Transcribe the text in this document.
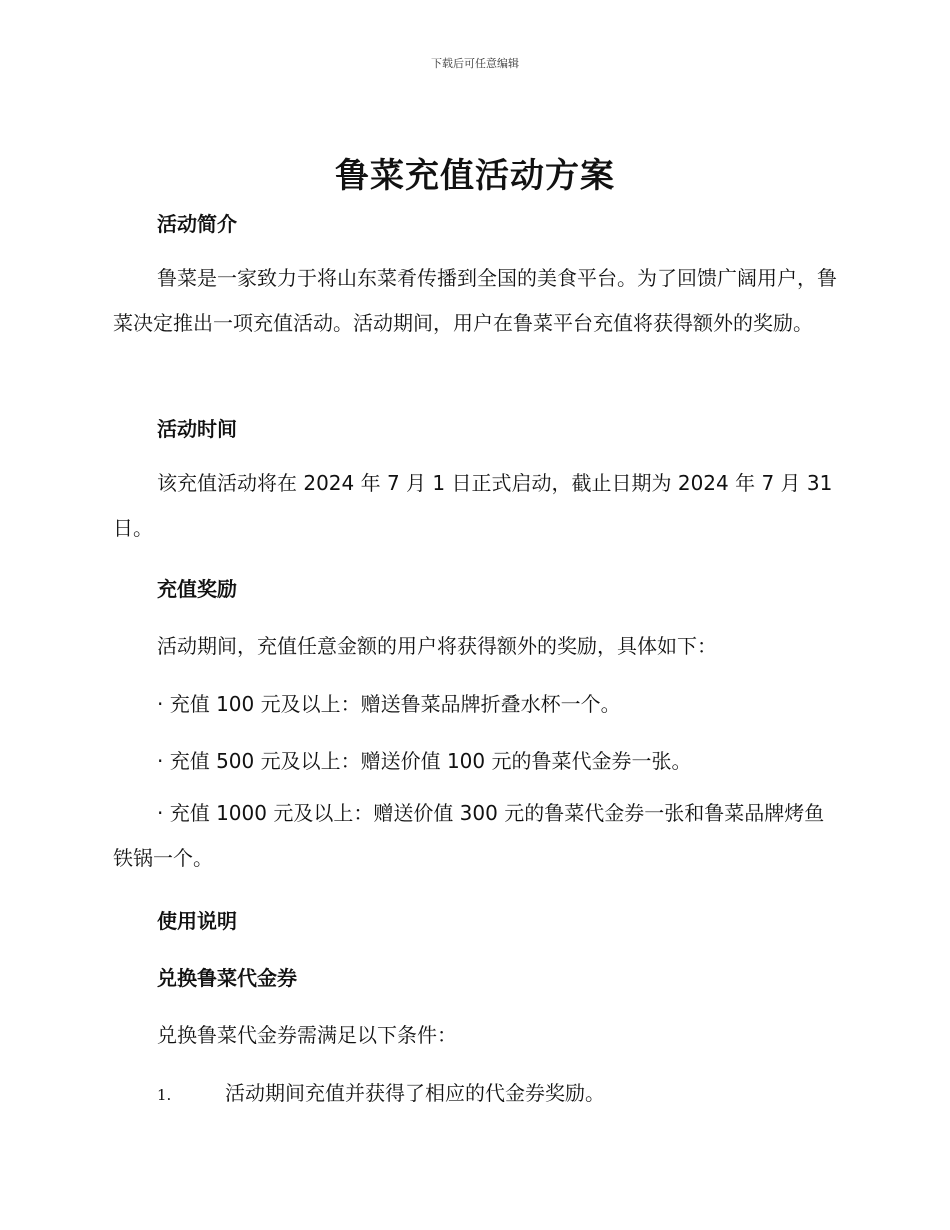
下载后可任意编辑
鲁菜充值活动方案
活动简介
鲁菜是一家致力于将山东菜肴传播到全国的美食平台。为了回馈广阔用户，鲁菜决定推出一项充值活动。活动期间，用户在鲁菜平台充值将获得额外的奖励。
活动时间
该充值活动将在 2024 年 7 月 1 日正式启动，截止日期为 2024 年 7 月 31 日。
充值奖励
活动期间，充值任意金额的用户将获得额外的奖励，具体如下：
· 充值 100 元及以上：赠送鲁菜品牌折叠水杯一个。
· 充值 500 元及以上：赠送价值 100 元的鲁菜代金券一张。
· 充值 1000 元及以上：赠送价值 300 元的鲁菜代金券一张和鲁菜品牌烤鱼铁锅一个。
使用说明
兑换鲁菜代金券
兑换鲁菜代金券需满足以下条件：
1.	活动期间充值并获得了相应的代金券奖励。
